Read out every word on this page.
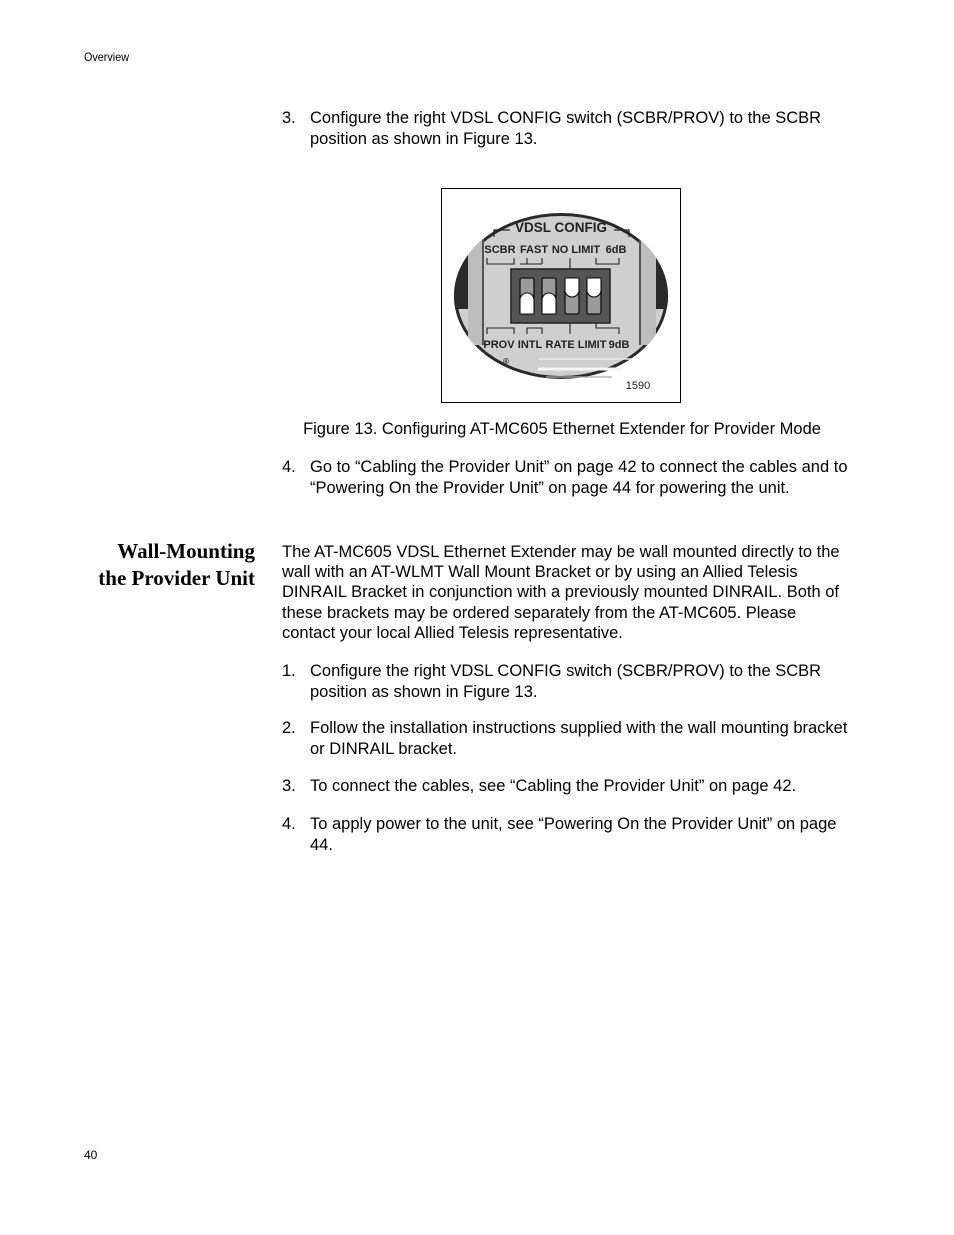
Overview
3. Configure the right VDSL CONFIG switch (SCBR/PROV) to the SCBR position as shown in Figure 13.
VDSL CONFIG
SCBR FAST NO LIMIT 6dB
PROV INTL RATE LIMIT 9dB
®
1590
Figure 13. Configuring AT-MC605 Ethernet Extender for Provider Mode
4. Go to “Cabling the Provider Unit” on page 42 to connect the cables and to “Powering On the Provider Unit” on page 44 for powering the unit.
Wall-Mounting
the Provider Unit
The AT-MC605 VDSL Ethernet Extender may be wall mounted directly to the wall with an AT-WLMT Wall Mount Bracket or by using an Allied Telesis DINRAIL Bracket in conjunction with a previously mounted DINRAIL. Both of these brackets may be ordered separately from the AT-MC605. Please contact your local Allied Telesis representative.
1. Configure the right VDSL CONFIG switch (SCBR/PROV) to the SCBR position as shown in Figure 13.
2. Follow the installation instructions supplied with the wall mounting bracket or DINRAIL bracket.
3. To connect the cables, see “Cabling the Provider Unit” on page 42.
4. To apply power to the unit, see “Powering On the Provider Unit” on page 44.
40
